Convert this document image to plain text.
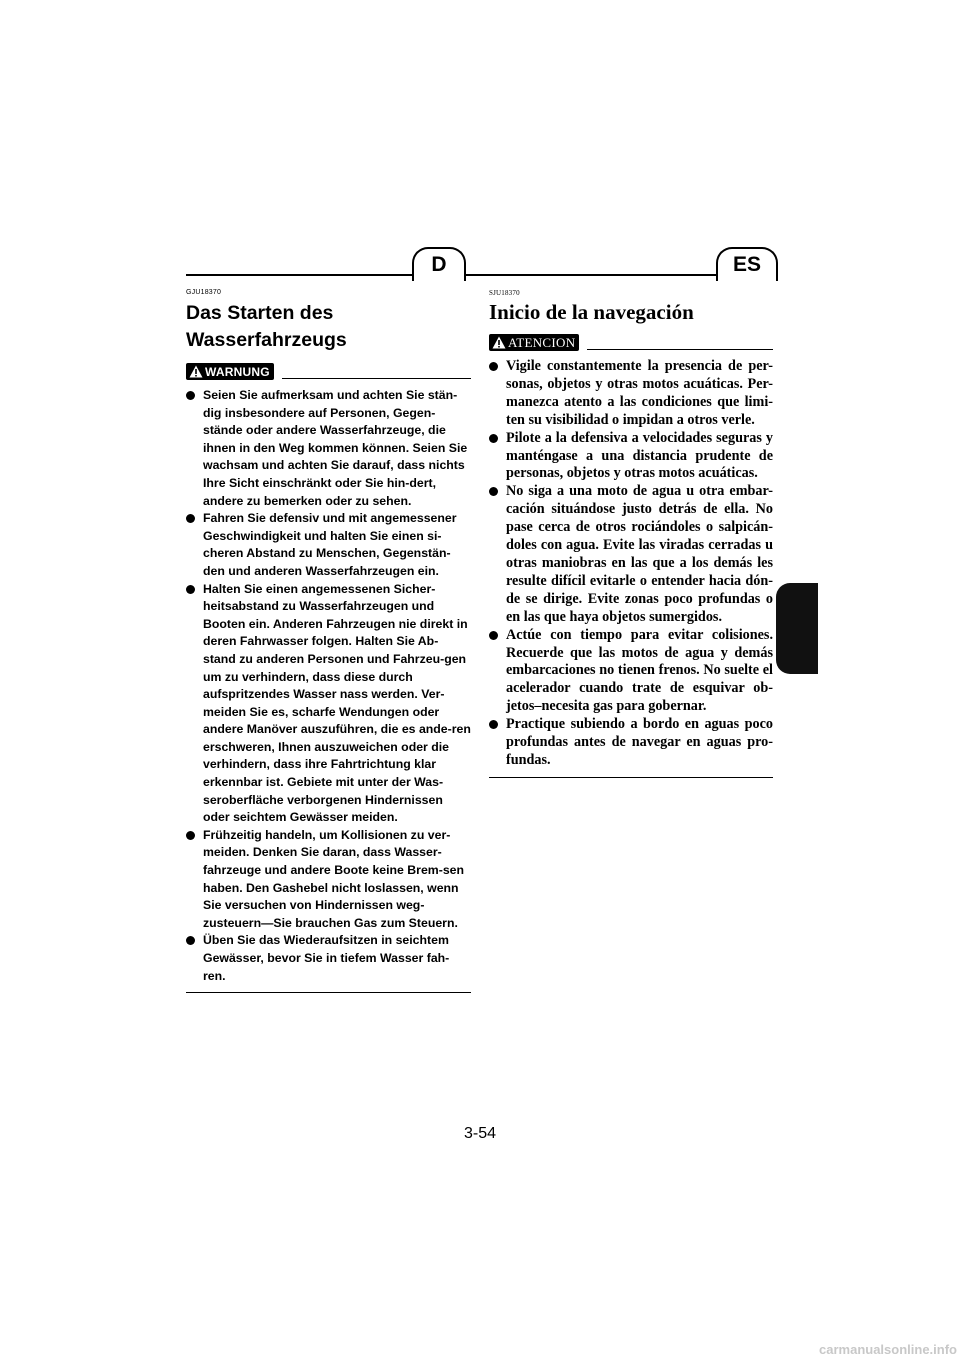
D	ES
GJU18370
Das Starten des Wasserfahrzeugs
WARNUNG
Seien Sie aufmerksam und achten Sie stän-dig insbesondere auf Personen, Gegen-stände oder andere Wasserfahrzeuge, die ihnen in den Weg kommen können. Seien Sie wachsam und achten Sie darauf, dass nichts Ihre Sicht einschränkt oder Sie hin-dert, andere zu bemerken oder zu sehen.
Fahren Sie defensiv und mit angemessener Geschwindigkeit und halten Sie einen si-cheren Abstand zu Menschen, Gegenstän-den und anderen Wasserfahrzeugen ein.
Halten Sie einen angemessenen Sicher-heitsabstand zu Wasserfahrzeugen und Booten ein. Anderen Fahrzeugen nie direkt in deren Fahrwasser folgen. Halten Sie Ab-stand zu anderen Personen und Fahrzeu-gen um zu verhindern, dass diese durch aufspritzendes Wasser nass werden. Ver-meiden Sie es, scharfe Wendungen oder andere Manöver auszuführen, die es ande-ren erschweren, Ihnen auszuweichen oder die verhindern, dass ihre Fahrtrichtung klar erkennbar ist. Gebiete mit unter der Was-seroberfläche verborgenen Hindernissen oder seichtem Gewässer meiden.
Frühzeitig handeln, um Kollisionen zu ver-meiden. Denken Sie daran, dass Wasser-fahrzeuge und andere Boote keine Brem-sen haben. Den Gashebel nicht loslassen, wenn Sie versuchen von Hindernissen weg-zusteuern—Sie brauchen Gas zum Steuern.
Üben Sie das Wiederaufsitzen in seichtem Gewässer, bevor Sie in tiefem Wasser fah-ren.
SJU18370
Inicio de la navegación
ATENCION
Vigile constantemente la presencia de per-sonas, objetos y otras motos acuáticas. Per-manezca atento a las condiciones que limi-ten su visibilidad o impidan a otros verle.
Pilote a la defensiva a velocidades seguras y manténgase a una distancia prudente de personas, objetos y otras motos acuáticas.
No siga a una moto de agua u otra embar-cación situándose justo detrás de ella. No pase cerca de otros rociándoles o salpicán-doles con agua. Evite las viradas cerradas u otras maniobras en las que a los demás les resulte difícil evitarle o entender hacia dón-de se dirige. Evite zonas poco profundas o en las que haya objetos sumergidos.
Actúe con tiempo para evitar colisiones. Recuerde que las motos de agua y demás embarcaciones no tienen frenos. No suelte el acelerador cuando trate de esquivar ob-jetos–necesita gas para gobernar.
Practique subiendo a bordo en aguas poco profundas antes de navegar en aguas pro-fundas.
3-54
carmanualsonline.info
